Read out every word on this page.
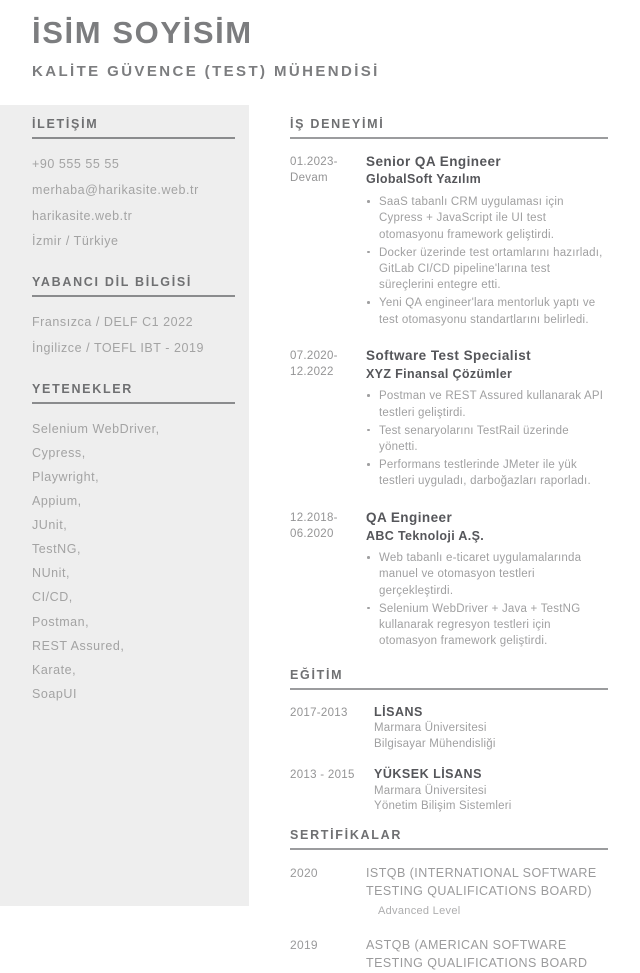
İSİM SOYİSİM
KALİTE GÜVENCE (TEST) MÜHENDİSİ
İLETİŞİM
+90 555 55 55
merhaba@harikasite.web.tr
harikasite.web.tr
İzmir / Türkiye
YABANCI DİL BİLGİSİ
Fransızca / DELF C1 2022
İngilizce / TOEFL IBT - 2019
YETENEKLER
Selenium WebDriver,
Cypress,
Playwright,
Appium,
JUnit,
TestNG,
NUnit,
CI/CD,
Postman,
REST Assured,
Karate,
SoapUI
İŞ DENEYİMİ
01.2023-Devam
Senior QA Engineer
GlobalSoft Yazılım
SaaS tabanlı CRM uygulaması için Cypress + JavaScript ile UI test otomasyonu framework geliştirdi.
Docker üzerinde test ortamlarını hazırladı, GitLab CI/CD pipeline'larına test süreçlerini entegre etti.
Yeni QA engineer'lara mentorluk yaptı ve test otomasyonu standartlarını belirledi.
07.2020-12.2022
Software Test Specialist
XYZ Finansal Çözümler
Postman ve REST Assured kullanarak API testleri geliştirdi.
Test senaryolarını TestRail üzerinde yönetti.
Performans testlerinde JMeter ile yük testleri uyguladı, darboğazları raporladı.
12.2018-06.2020
QA Engineer
ABC Teknoloji A.Ş.
Web tabanlı e-ticaret uygulamalarında manuel ve otomasyon testleri gerçekleştirdi.
Selenium WebDriver + Java + TestNG kullanarak regresyon testleri için otomasyon framework geliştirdi.
EĞİTİM
2017-2013	LİSANS
Marmara Üniversitesi
Bilgisayar Mühendisliği
2013 - 2015	YÜKSEK LİSANS
Marmara Üniversitesi
Yönetim Bilişim Sistemleri
SERTİFİKALAR
2020	ISTQB (INTERNATIONAL SOFTWARE TESTING QUALIFICATIONS BOARD)
Advanced Level
2019	ASTQB (AMERICAN SOFTWARE TESTING QUALIFICATIONS BOARD
